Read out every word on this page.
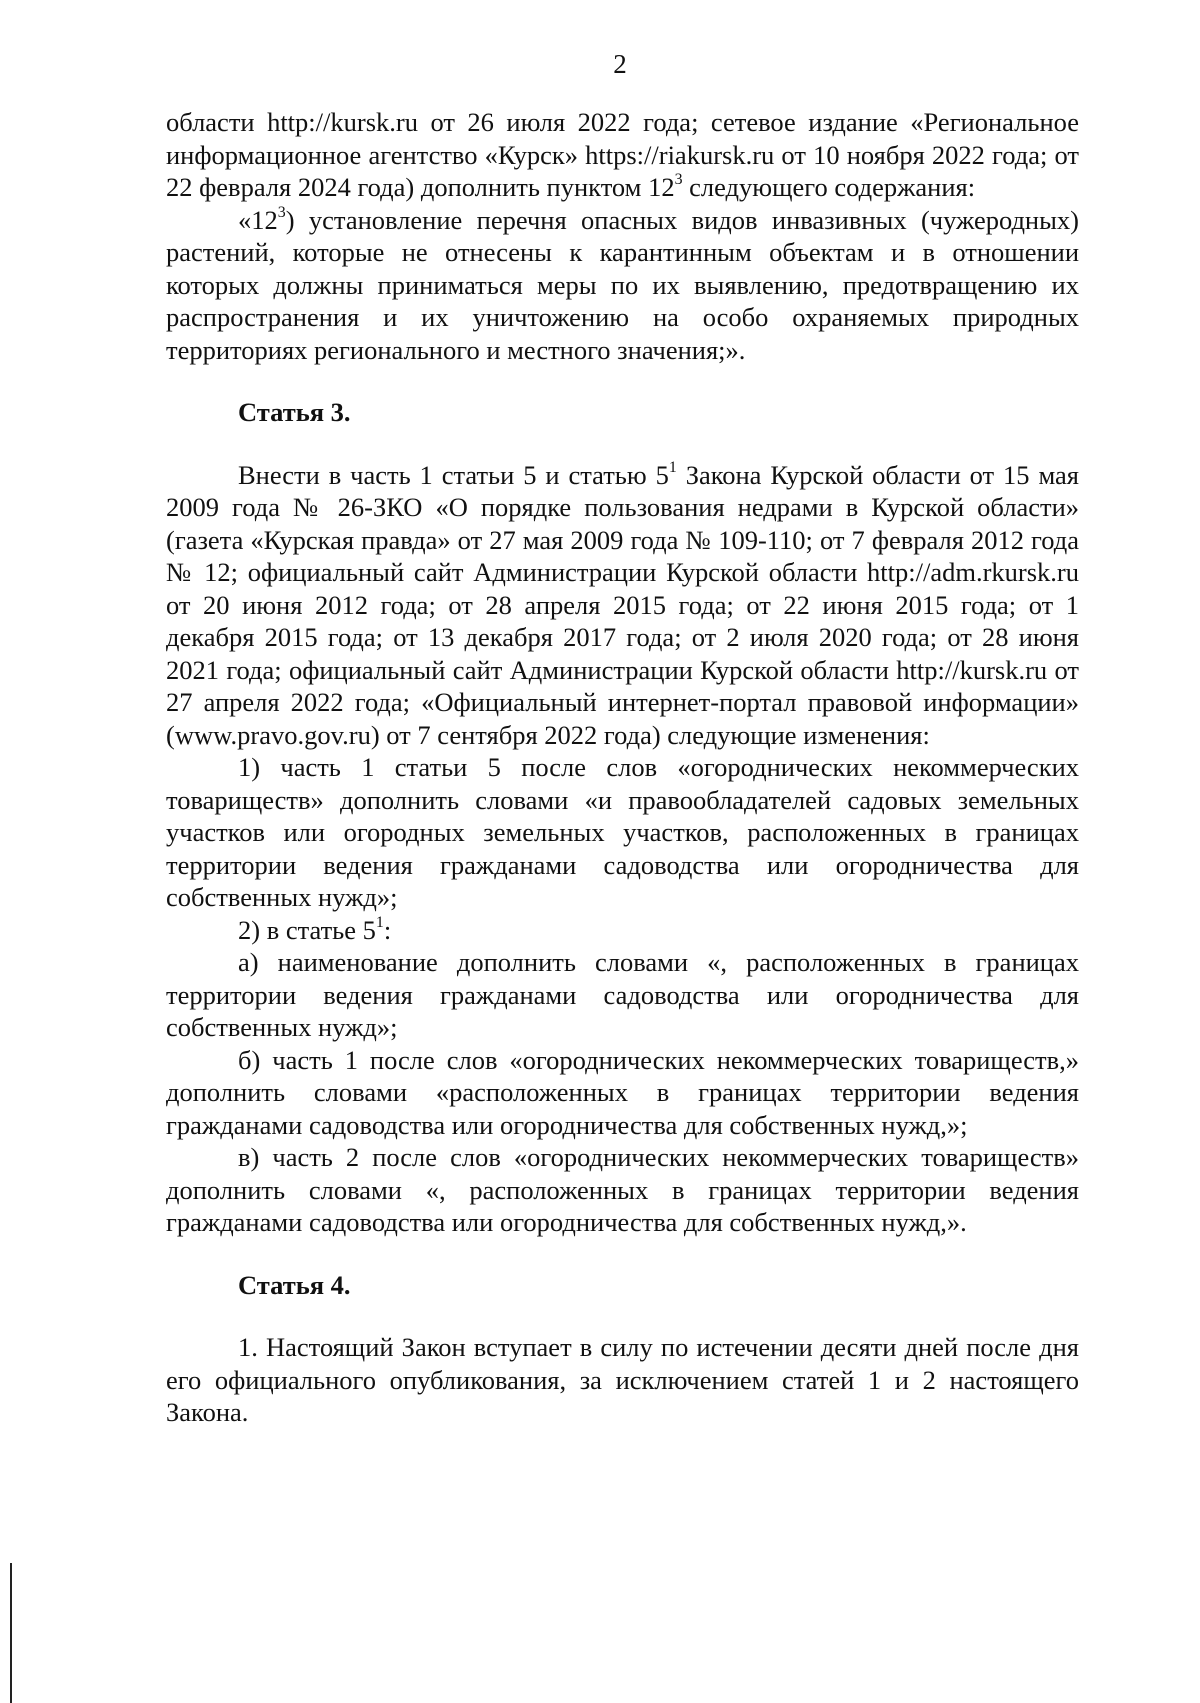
2

области http://kursk.ru от 26 июля 2022 года; сетевое издание «Региональное информационное агентство «Курск» https://riakursk.ru от 10 ноября 2022 года; от 22 февраля 2024 года) дополнить пунктом $12^3$ следующего содержания:

«$12^3$) установление перечня опасных видов инвазивных (чужеродных) растений, которые не отнесены к карантинным объектам и в отношении которых должны приниматься меры по их выявлению, предотвращению их распространения и их уничтожению на особо охраняемых природных территориях регионального и местного значения;».

Статья 3.

Внести в часть 1 статьи 5 и статью $5^1$ Закона Курской области от 15 мая 2009 года № 26-ЗКО «О порядке пользования недрами в Курской области» (газета «Курская правда» от 27 мая 2009 года № 109-110; от 7 февраля 2012 года № 12; официальный сайт Администрации Курской области http://adm.rkursk.ru от 20 июня 2012 года; от 28 апреля 2015 года; от 22 июня 2015 года; от 1 декабря 2015 года; от 13 декабря 2017 года; от 2 июля 2020 года; от 28 июня 2021 года; официальный сайт Администрации Курской области http://kursk.ru от 27 апреля 2022 года; «Официальный интернет-портал правовой информации» (www.pravo.gov.ru) от 7 сентября 2022 года) следующие изменения:

1) часть 1 статьи 5 после слов «огороднических некоммерческих товариществ» дополнить словами «и правообладателей садовых земельных участков или огородных земельных участков, расположенных в границах территории ведения гражданами садоводства или огородничества для собственных нужд»;

2) в статье $5^1$:

а) наименование дополнить словами «, расположенных в границах территории ведения гражданами садоводства или огородничества для собственных нужд»;

б) часть 1 после слов «огороднических некоммерческих товариществ,» дополнить словами «расположенных в границах территории ведения гражданами садоводства или огородничества для собственных нужд,»;

в) часть 2 после слов «огороднических некоммерческих товариществ» дополнить словами «, расположенных в границах территории ведения гражданами садоводства или огородничества для собственных нужд,».

Статья 4.

1. Настоящий Закон вступает в силу по истечении десяти дней после дня его официального опубликования, за исключением статей 1 и 2 настоящего Закона.
